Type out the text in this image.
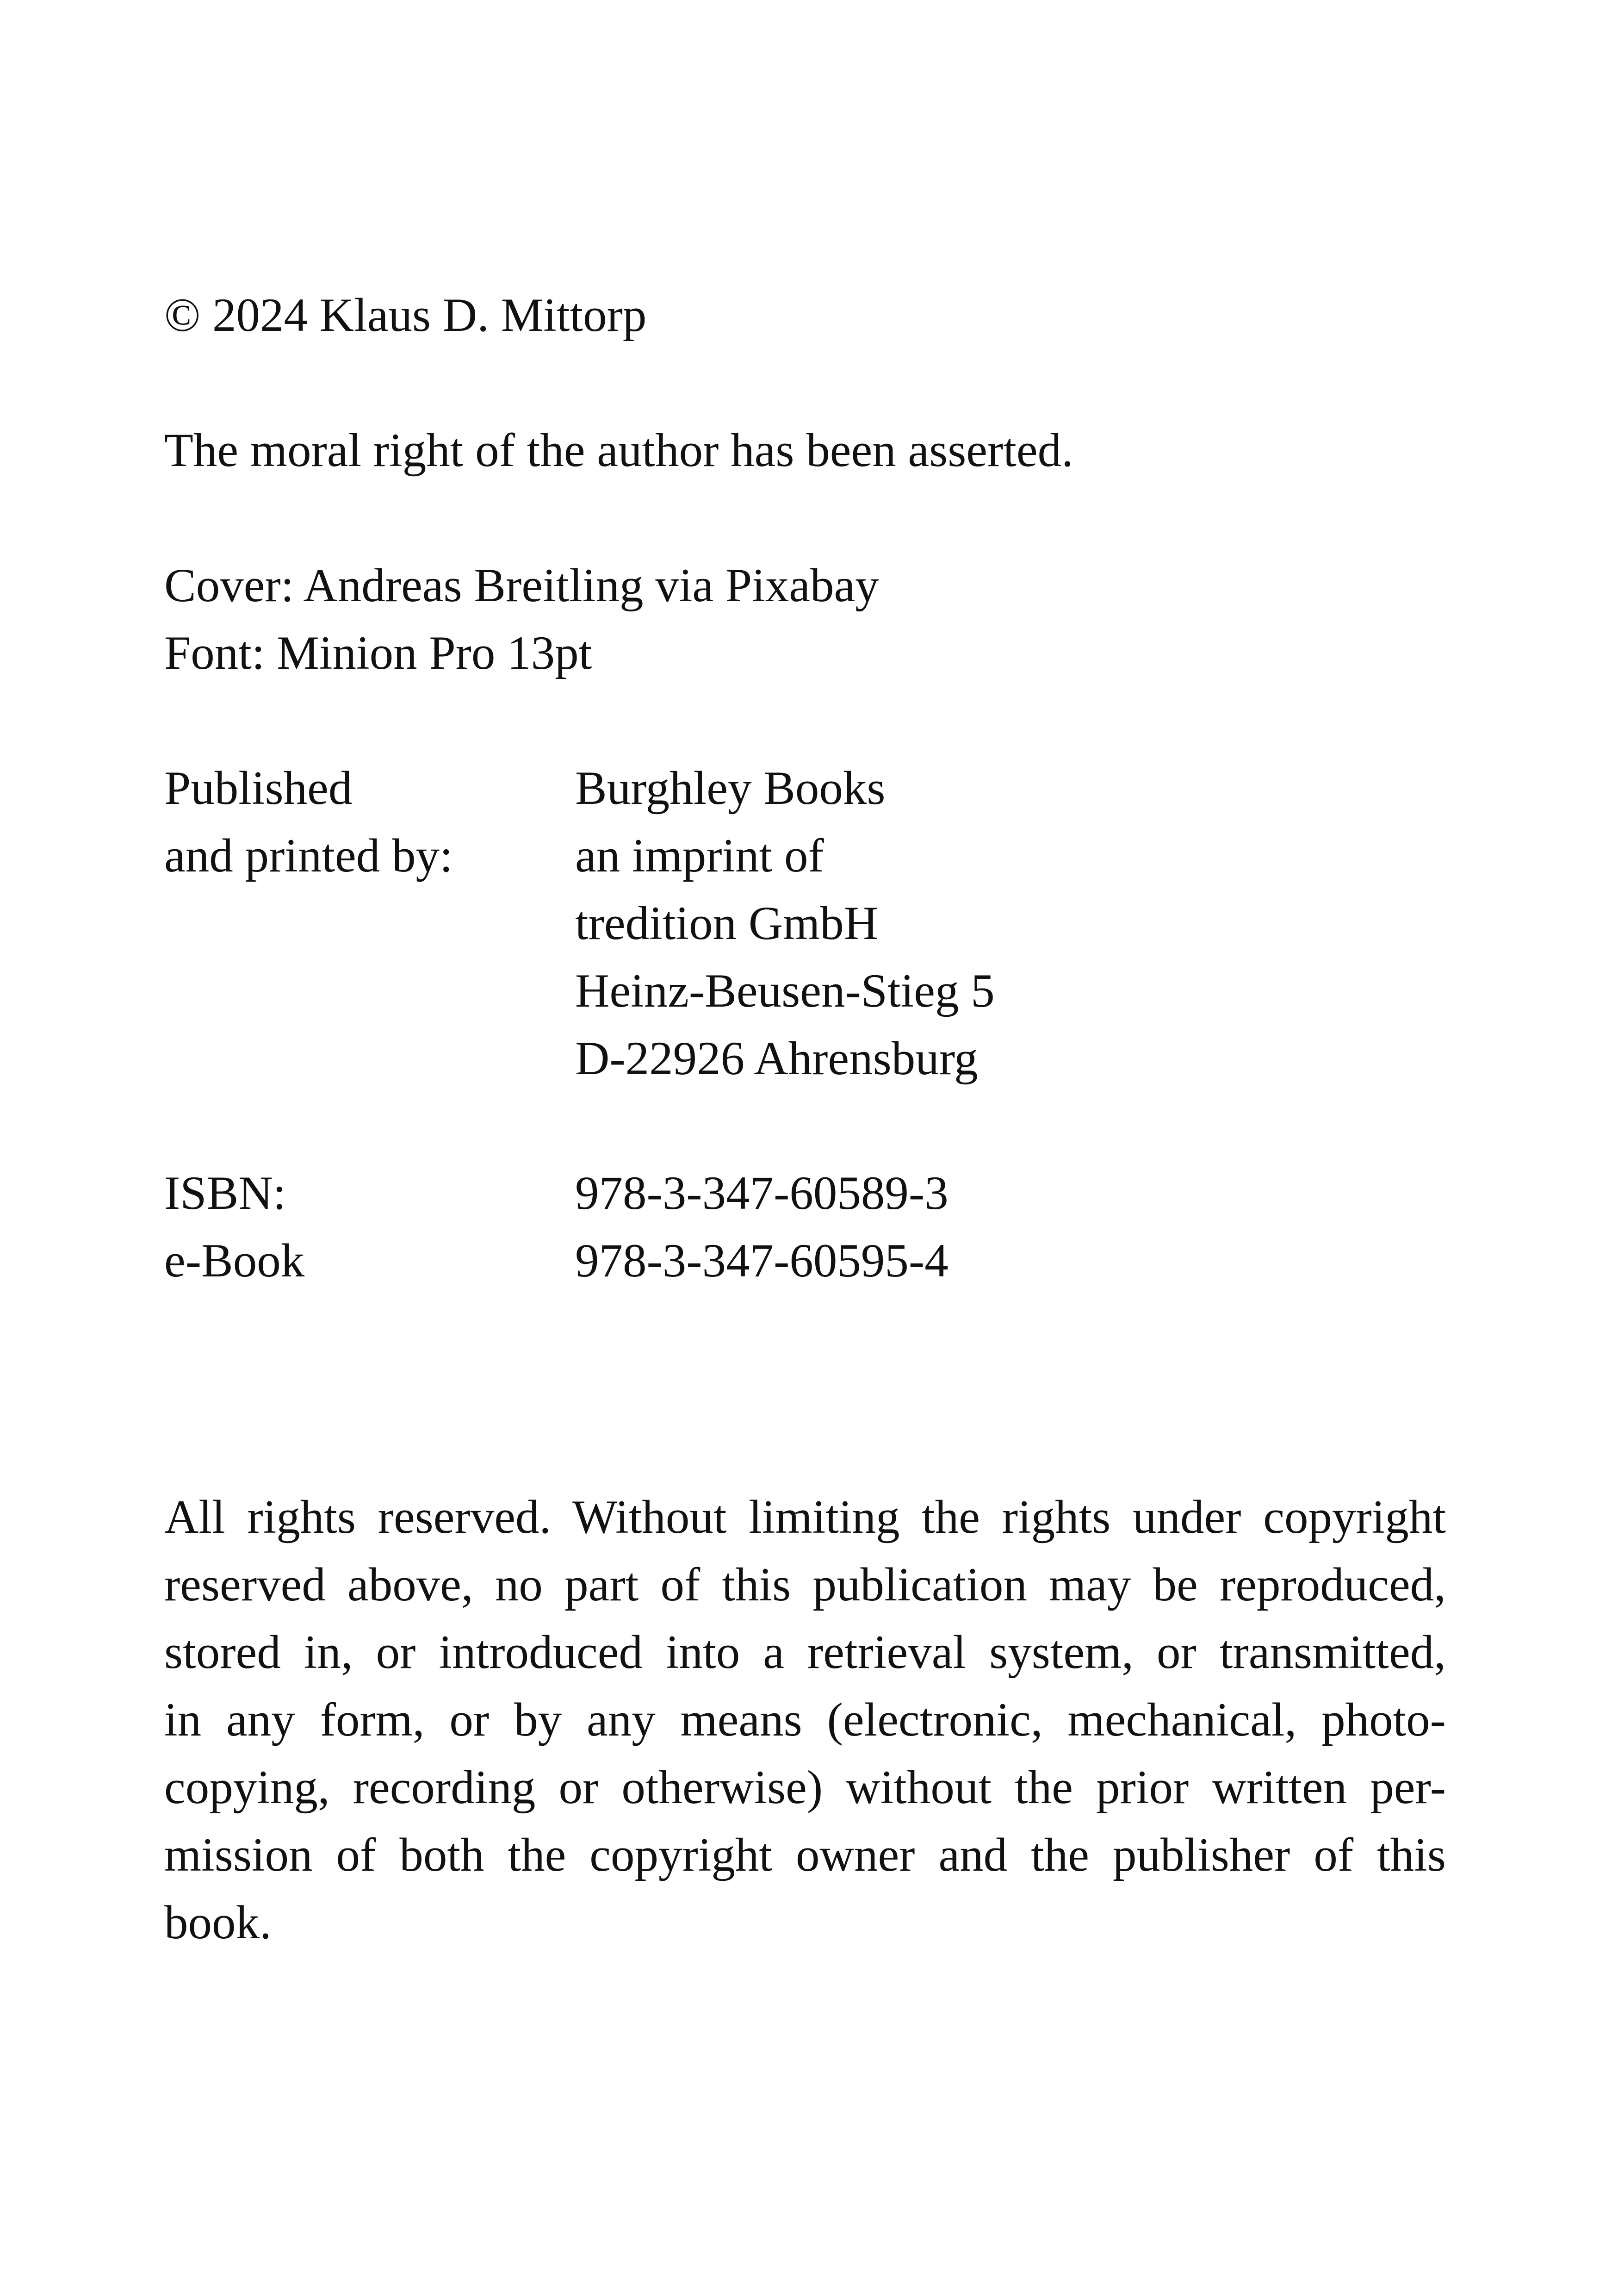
© 2024 Klaus D. Mittorp
The moral right of the author has been asserted.
Cover: Andreas Breitling via Pixabay
Font: Minion Pro 13pt
Published
and printed by:
Burghley Books
an imprint of
tredition GmbH
Heinz-Beusen-Stieg 5
D-22926 Ahrensburg
ISBN:
e-Book
978-3-347-60589-3
978-3-347-60595-4
All rights reserved. Without limiting the rights under copyright
reserved above, no part of this publication may be reproduced,
stored in, or introduced into a retrieval system, or transmitted,
in any form, or by any means (electronic, mechanical, photo-
copying, recording or otherwise) without the prior written per-
mission of both the copyright owner and the publisher of this
book.
